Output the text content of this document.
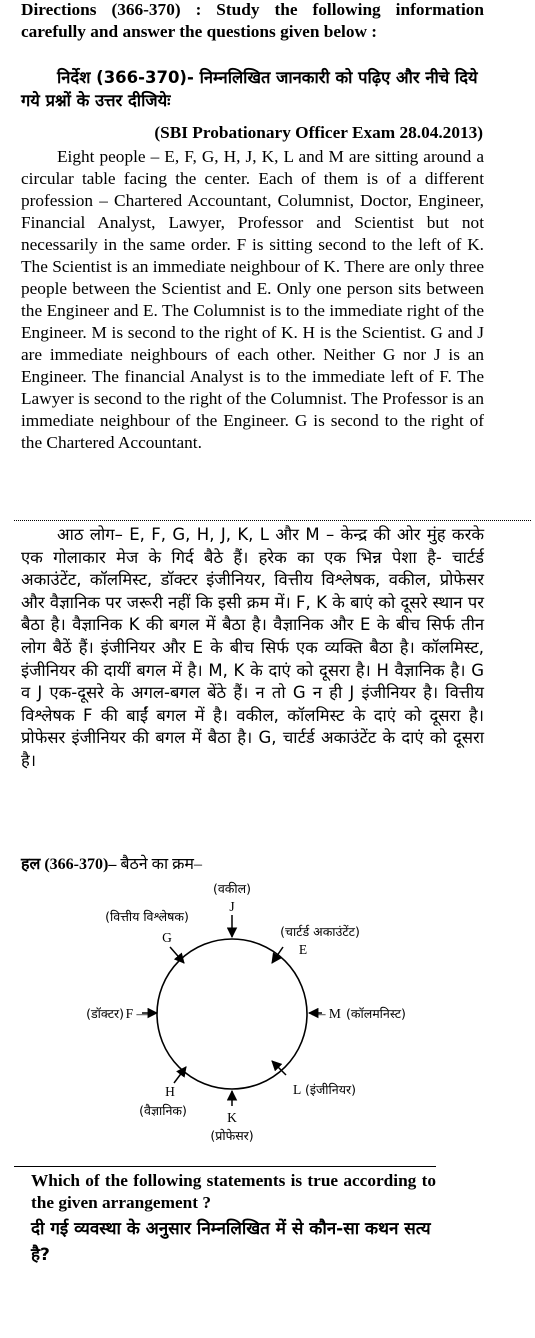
Directions (366-370) : Study the following information carefully and answer the questions given below :
निर्देश (366-370)- निम्नलिखित जानकारी को पढ़िए और नीचे दिये गये प्रश्नों के उत्तर दीजियेः
(SBI Probationary Officer Exam 28.04.2013)
Eight people – E, F, G, H, J, K, L and M are sitting around a circular table facing the center. Each of them is of a different profession – Chartered Accountant, Columnist, Doctor, Engineer, Financial Analyst, Lawyer, Professor and Scientist but not necessarily in the same order. F is sitting second to the left of K. The Scientist is an immediate neighbour of K. There are only three people between the Scientist and E. Only one person sits between the Engineer and E. The Columnist is to the immediate right of the Engineer. M is second to the right of K. H is the Scientist. G and J are immediate neighbours of each other. Neither G nor J is an Engineer. The financial Analyst is to the immediate left of F. The Lawyer is second to the right of the Columnist. The Professor is an immediate neighbour of the Engineer. G is second to the right of the Chartered Accountant.
आठ लोग– E, F, G, H, J, K, L और M – केन्द्र की ओर मुंह करके एक गोलाकार मेज के गिर्द बैठे हैं। हरेक का एक भिन्न पेशा है- चार्टर्ड अकाउंटेंट, कॉलमिस्ट, डॉक्टर इंजीनियर, वित्तीय विश्लेषक, वकील, प्रोफेसर और वैज्ञानिक पर जरूरी नहीं कि इसी क्रम में। F, K के बाएं को दूसरे स्थान पर बैठा है। वैज्ञानिक K की बगल में बैठा है। वैज्ञानिक और E के बीच सिर्फ तीन लोग बैठें हैं। इंजीनियर और E के बीच सिर्फ एक व्यक्ति बैठा है। कॉलमिस्ट, इंजीनियर की दायीं बगल में है। M, K के दाएं को दूसरा है। H वैज्ञानिक है। G व J एक-दूसरे के अगल-बगल बेंठे हैं। न तो G न ही J इंजीनियर है। वित्तीय विश्लेषक F की बाईं बगल में है। वकील, कॉलमिस्ट के दाएं को दूसरा है। प्रोफेसर इंजीनियर की बगल में बैठा है। G, चार्टर्ड अकाउंटेंट के दाएं को दूसरा है।
हल (366-370)– बैठने का क्रम–
(वकील)
J
(चार्टर्ड अकाउंटेंट)
E
— M (कॉलमनिस्ट)
L (इंजीनियर)
K
(प्रोफेसर)
H
(वैज्ञानिक)
F —
(डॉक्टर)
(वित्तीय विश्लेषक)
G
Which of the following statements is true according to the given arrangement ?
दी गई व्यवस्था के अनुसार निम्नलिखित में से कौन-सा कथन सत्य है?
